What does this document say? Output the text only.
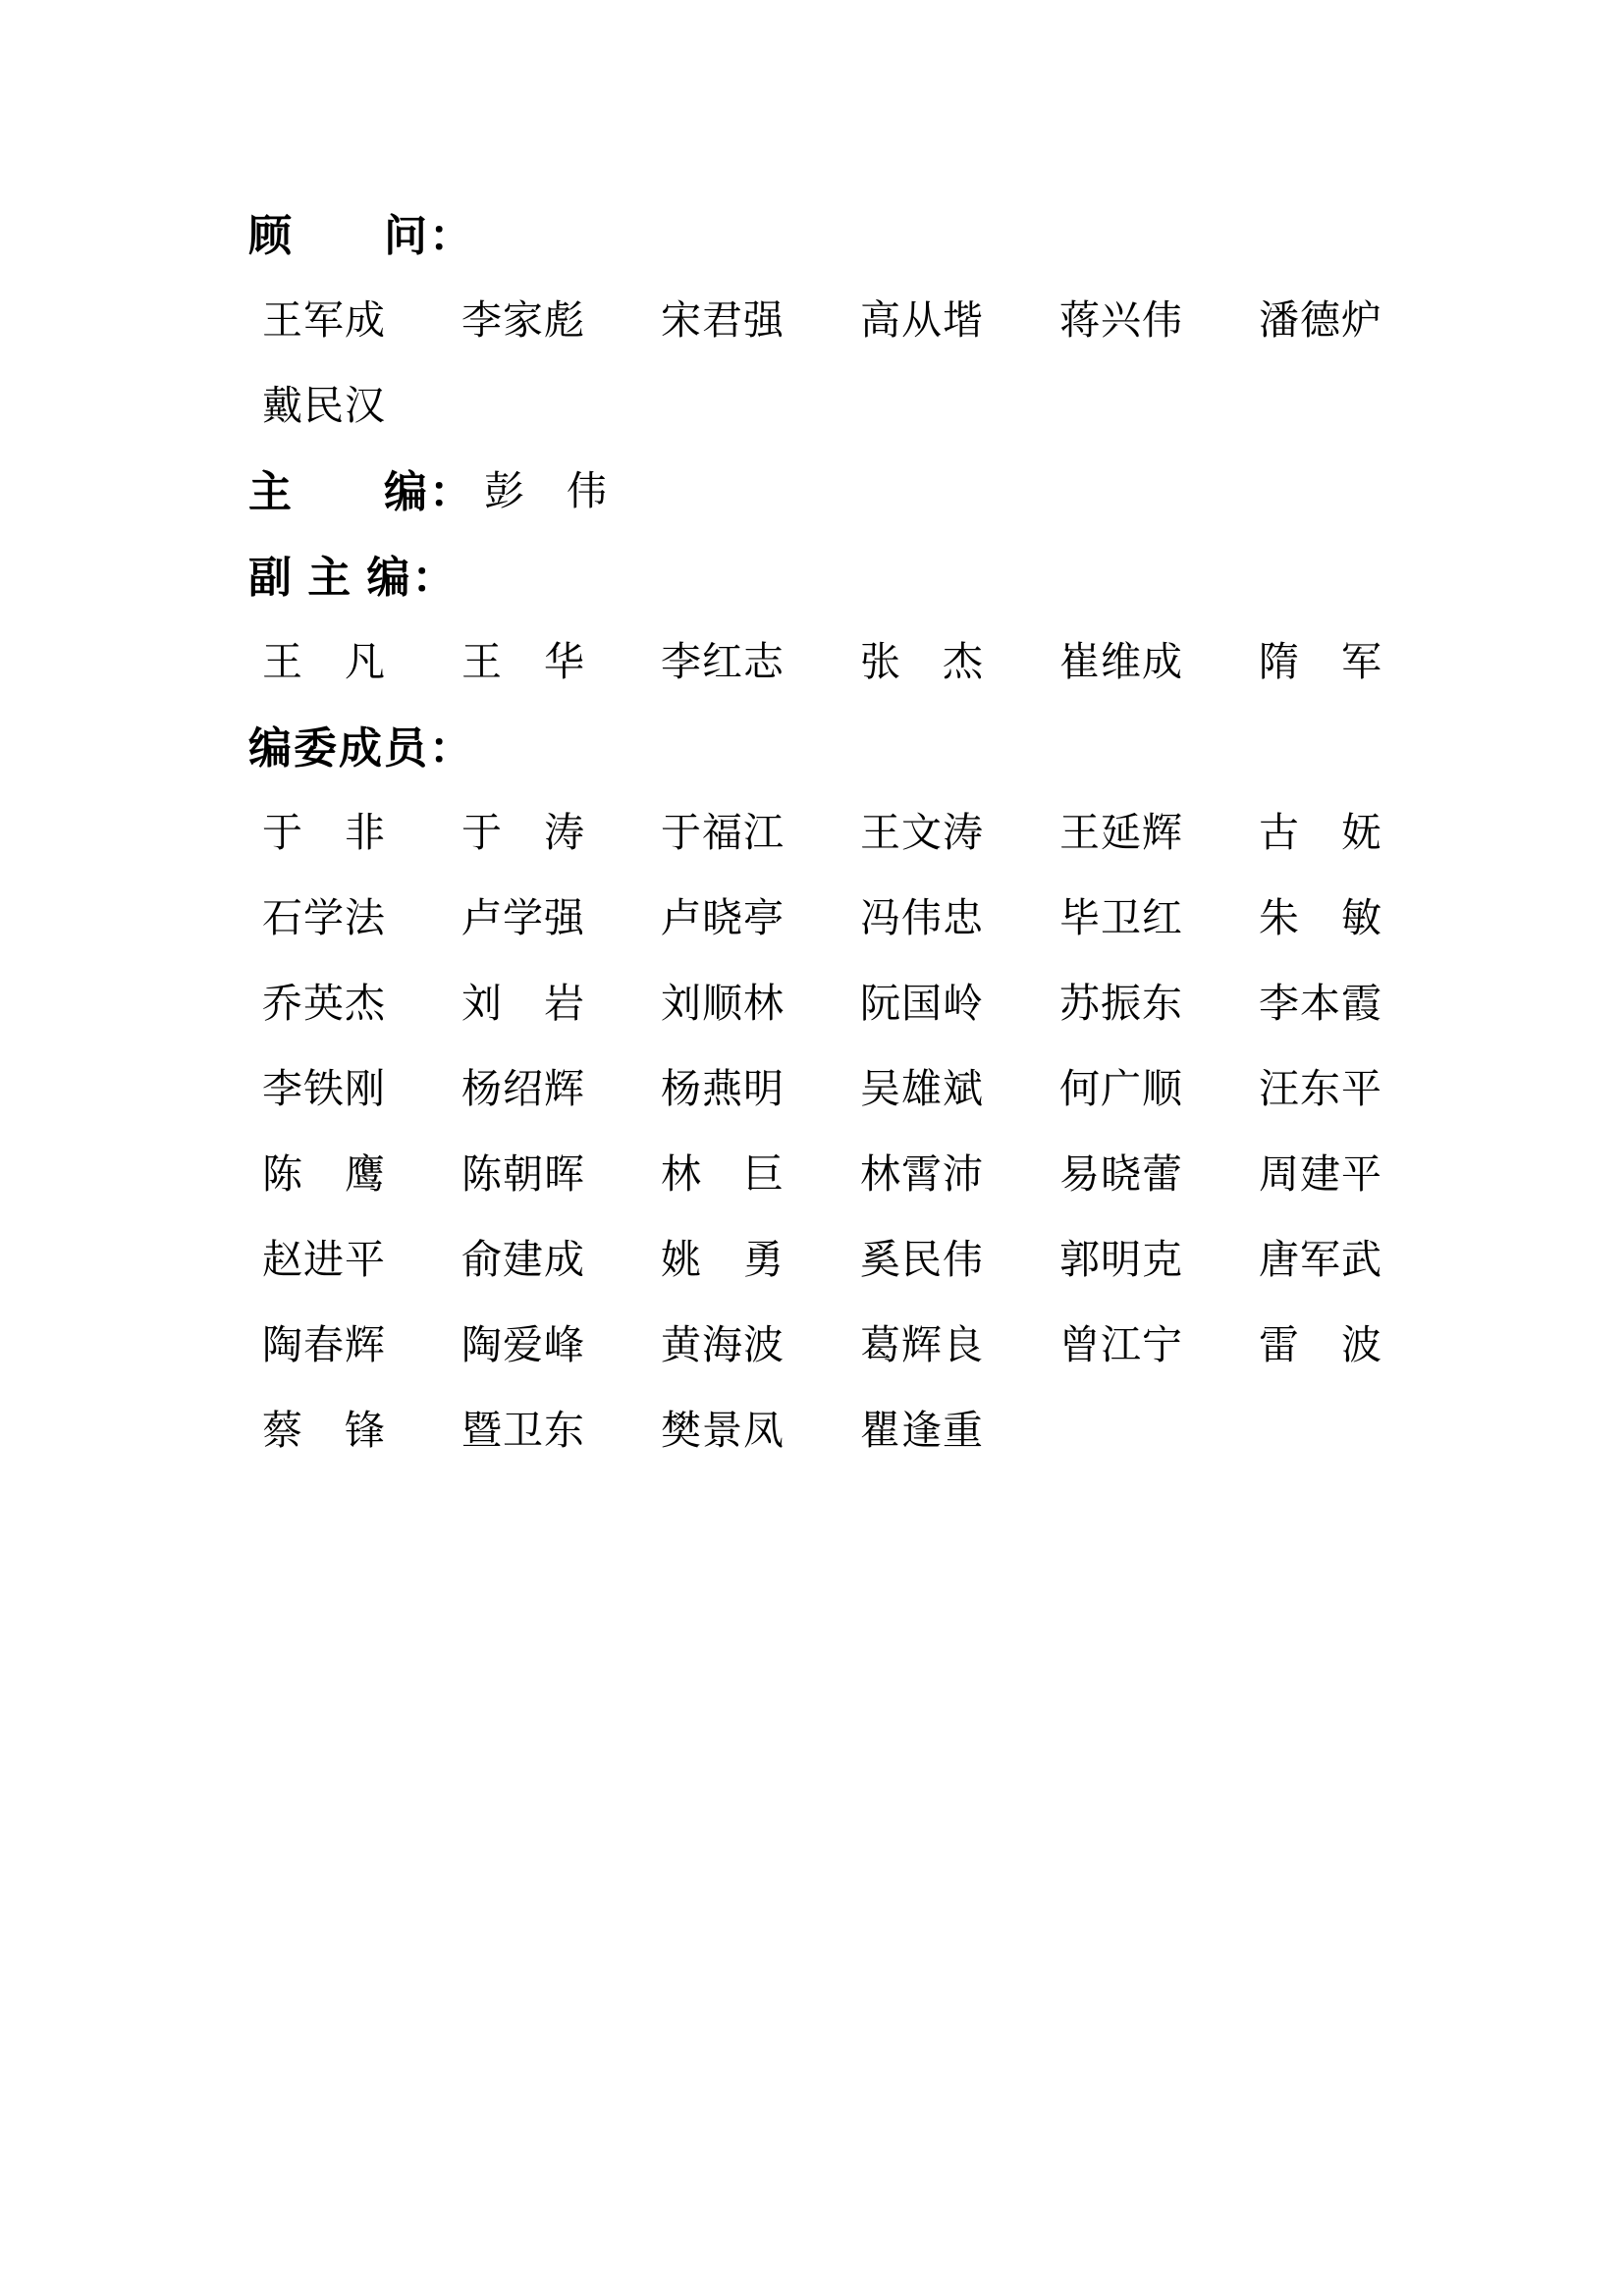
顾　　问：
王军成	李家彪	宋君强	高从堦	蒋兴伟	潘德炉
戴民汉
主　　编： 彭　伟
副 主 编：
王　凡	王　华	李红志	张　杰	崔维成	隋　军
编委成员：
于　非	于　涛	于福江	王文涛	王延辉	古　妩
石学法	卢学强	卢晓亭	冯伟忠	毕卫红	朱　敏
乔英杰	刘　岩	刘顺林	阮国岭	苏振东	李本霞
李铁刚	杨绍辉	杨燕明	吴雄斌	何广顺	汪东平
陈　鹰	陈朝晖	林　巨	林霄沛	易晓蕾	周建平
赵进平	俞建成	姚　勇	奚民伟	郭明克	唐军武
陶春辉	陶爱峰	黄海波	葛辉良	曾江宁	雷　波
蔡　锋	暨卫东	樊景凤	瞿逢重
